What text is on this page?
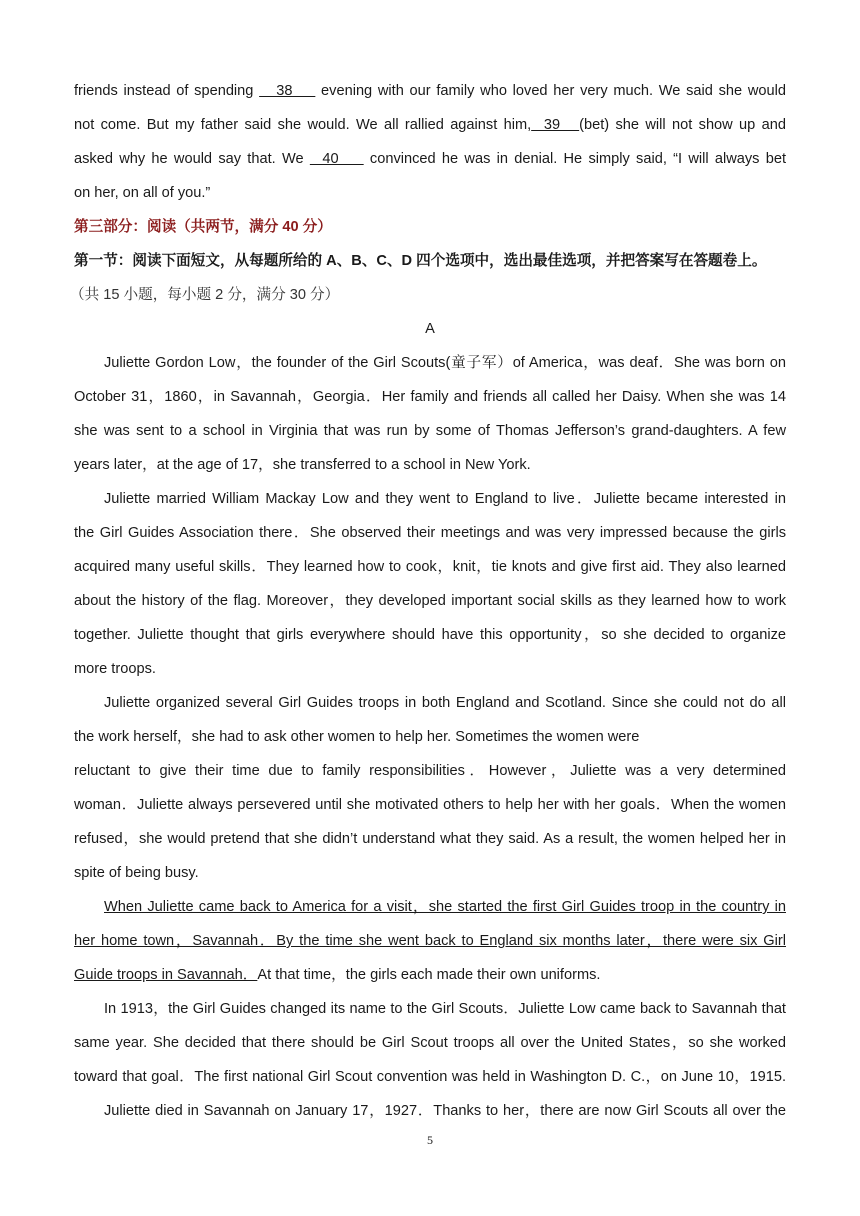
friends instead of spending    38     evening with our family who loved her very much. We said she would
not come. But my father said she would. We all rallied against him,  39   (bet) she will not show up and
asked why he would say that. We   40     convinced he was in denial. He simply said, “I will always bet
on her, on all of you.”
第三部分：阅读（共两节，满分 40 分）
第一节：阅读下面短文，从每题所给的 A、B、C、D 四个选项中，选出最佳选项，并把答案写在答题卷上。
（共 15 小题，每小题 2 分，满分 30 分）
A
Juliette Gordon Low，the founder of the Girl Scouts(童子军）of America，was deaf．She was born on
October 31，1860，in Savannah，Georgia．Her family and friends all called her Daisy. When she was 14
she was sent to a school in Virginia that was run by some of Thomas Jefferson’s grand-daughters. A few
years later，at the age of 17，she transferred to a school in New York.
Juliette married William Mackay Low and they went to England to live．Juliette became interested in
the Girl Guides Association there．She observed their meetings and was very impressed because the girls
acquired many useful skills．They learned how to cook，knit，tie knots and give first aid. They also learned
about the history of the flag. Moreover，they developed important social skills as they learned how to work
together. Juliette thought that girls everywhere should have this opportunity，so she decided to organize
more troops.
Juliette organized several Girl Guides troops in both England and Scotland. Since she could not do all
the work herself，she had to ask other women to help her. Sometimes the women were
reluctant to give their time due to family responsibilities．However，Juliette was a very determined
woman．Juliette always persevered until she motivated others to help her with her goals．When the women
refused，she would pretend that she didn’t understand what they said. As a result, the women helped her in
spite of being busy.
When Juliette came back to America for a visit，she started the first Girl Guides troop in the country in
her home town，Savannah．By the time she went back to England six months later，there were six Girl
Guide troops in Savannah．At that time，the girls each made their own uniforms.
In 1913，the Girl Guides changed its name to the Girl Scouts．Juliette Low came back to Savannah that
same year. She decided that there should be Girl Scout troops all over the United States，so she worked
toward that goal．The first national Girl Scout convention was held in Washington D. C.，on June 10，1915.
Juliette died in Savannah on January 17，1927．Thanks to her，there are now Girl Scouts all over the
5
